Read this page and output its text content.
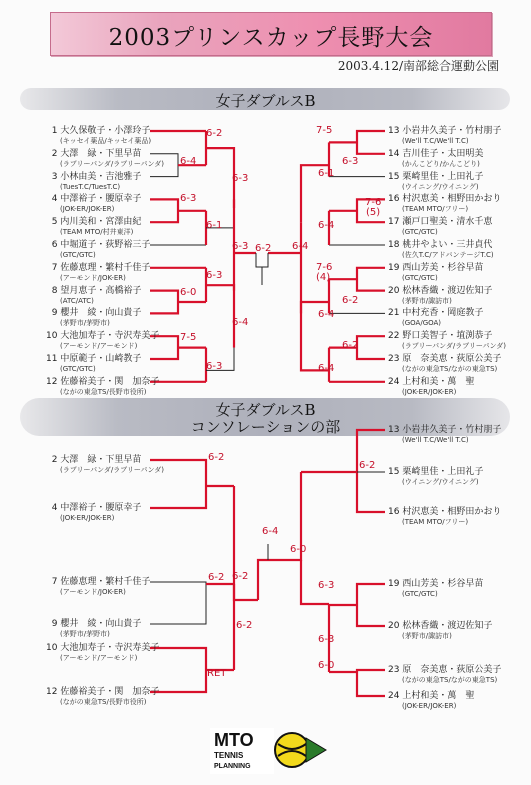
2003プリンスカップ長野大会
2003.4.12/南部総合運動公園
女子ダブルスB
女子ダブルスB
コンソレーションの部
 1 大久保敬子・小澤玲子
(キッセイ薬品/キッセイ薬品)
 2 大澤　緑・下里早苗
(ラブリーパンダ/ラブリーパンダ)
 3 小林由美・吉池雅子
(TuesT.C/TuesT.C)
 4 中澤裕子・腰原幸子
(JOK-ER/JOK-ER)
 5 内川美和・宮澤由紀
(TEAM MTO/村井東洋)
 6 中堀道子・荻野裕三子
(GTC/GTC)
 7 佐藤恵理・繁村千佳子
(アーモンド/JOK-ER)
 8 望月恵子・高橋裕子
(ATC/ATC)
 9 櫻井　綾・向山貴子
(茅野市/茅野市)
10 大池加寿子・寺沢寿美子
(アーモンド/アーモンド)
11 中原範子・山崎教子
(GTC/GTC)
12 佐藤裕美子・関　加奈子
(ながの東急TS/長野市役所)
13 小岩井久美子・竹村朋子
(We'll T.C/We'll T.C)
14 吉川佳子・太田明美
(かんこどり/かんこどり)
15 栗崎里佳・上田礼子
(ウイニング/ウイニング)
16 村沢恵美・相野田かおり
(TEAM MTO/フリー)
17 瀬戸口聖美・清水千恵
(GTC/GTC)
18 桃井やよい・三井貞代
(佐久T.C/アドバンテージT.C)
19 西山芳美・杉谷早苗
(GTC/GTC)
20 松林香織・渡辺佐知子
(茅野市/諏訪市)
21 中村充香・岡庭教子
(GOA/GOA)
22 野口美智子・埴渕恭子
(ラブリーパンダ/ラブリーパンダ)
23 原　奈美恵・荻原公美子
(ながの東急TS/ながの東急TS)
24 上村和美・萬　聖
(JOK-ER/JOK-ER)
 2 大澤　緑・下里早苗
(ラブリーパンダ/ラブリーパンダ)
 4 中澤裕子・腰原幸子
(JOK-ER/JOK-ER)
 7 佐藤恵理・繁村千佳子
(アーモンド/JOK-ER)
 9 櫻井　綾・向山貴子
(茅野市/茅野市)
10 大池加寿子・寺沢寿美子
(アーモンド/アーモンド)
12 佐藤裕美子・関　加奈子
(ながの東急TS/長野市役所)
13 小岩井久美子・竹村朋子
(We'll T.C/We'll T.C)
15 栗崎里佳・上田礼子
(ウイニング/ウイニング)
16 村沢恵美・相野田かおり
(TEAM MTO/フリー)
19 西山芳美・杉谷早苗
(GTC/GTC)
20 松林香織・渡辺佐知子
(茅野市/諏訪市)
23 原　奈美恵・荻原公美子
(ながの東急TS/ながの東急TS)
24 上村和美・萬　聖
(JOK-ER/JOK-ER)
6-2
6-4
6-3
6-1
6-3
6-0
6-3
7-5
6-3
6-4
6-3
7-5
6-3
7-6
(5)
6-1
6-4
7-6
(4)
6-2
6-2
6-4
6-4
6-4
6-2
6-2
6-2
RET
6-2
6-2
6-2
6-3
6-0
6-3
6-0
6-4
MTO
TENNIS
PLANNING
